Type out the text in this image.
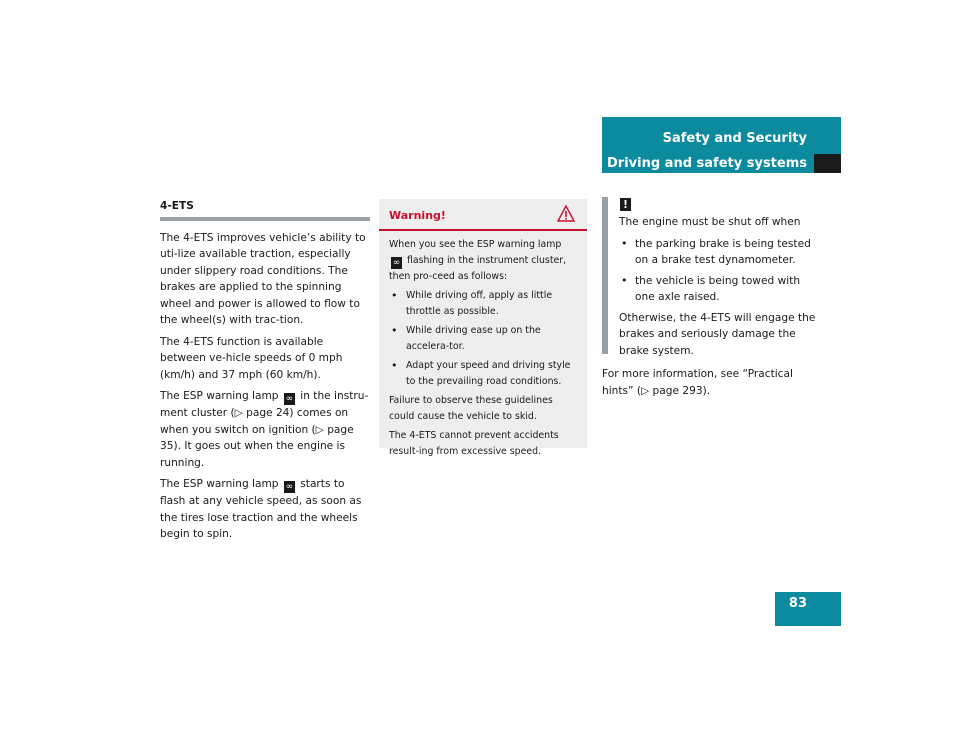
Safety and Security
Driving and safety systems
83
4-ETS

The 4-ETS improves vehicle’s ability to uti-lize available traction, especially under slippery road conditions. The brakes are applied to the spinning wheel and power is allowed to flow to the wheel(s) with trac-tion.

The 4-ETS function is available between ve-hicle speeds of 0 mph (km/h) and 37 mph (60 km/h).

The ESP warning lamp ∞ in the instru-ment cluster (▷ page 24) comes on when you switch on ignition (▷ page 35). It goes out when the engine is running.

The ESP warning lamp ∞ starts to flash at any vehicle speed, as soon as the tires lose traction and the wheels begin to spin.

Warning!

When you see the ESP warning lamp ∞ flashing in the instrument cluster, then pro-ceed as follows:

• While driving off, apply as little throttle as possible.
• While driving ease up on the accelera-tor.
• Adapt your speed and driving style to the prevailing road conditions.

Failure to observe these guidelines could cause the vehicle to skid.

The 4-ETS cannot prevent accidents result-ing from excessive speed.

!

The engine must be shut off when

• the parking brake is being tested on a brake test dynamometer.
• the vehicle is being towed with one axle raised.

Otherwise, the 4-ETS will engage the brakes and seriously damage the brake system.

For more information, see “Practical hints” (▷ page 293).
